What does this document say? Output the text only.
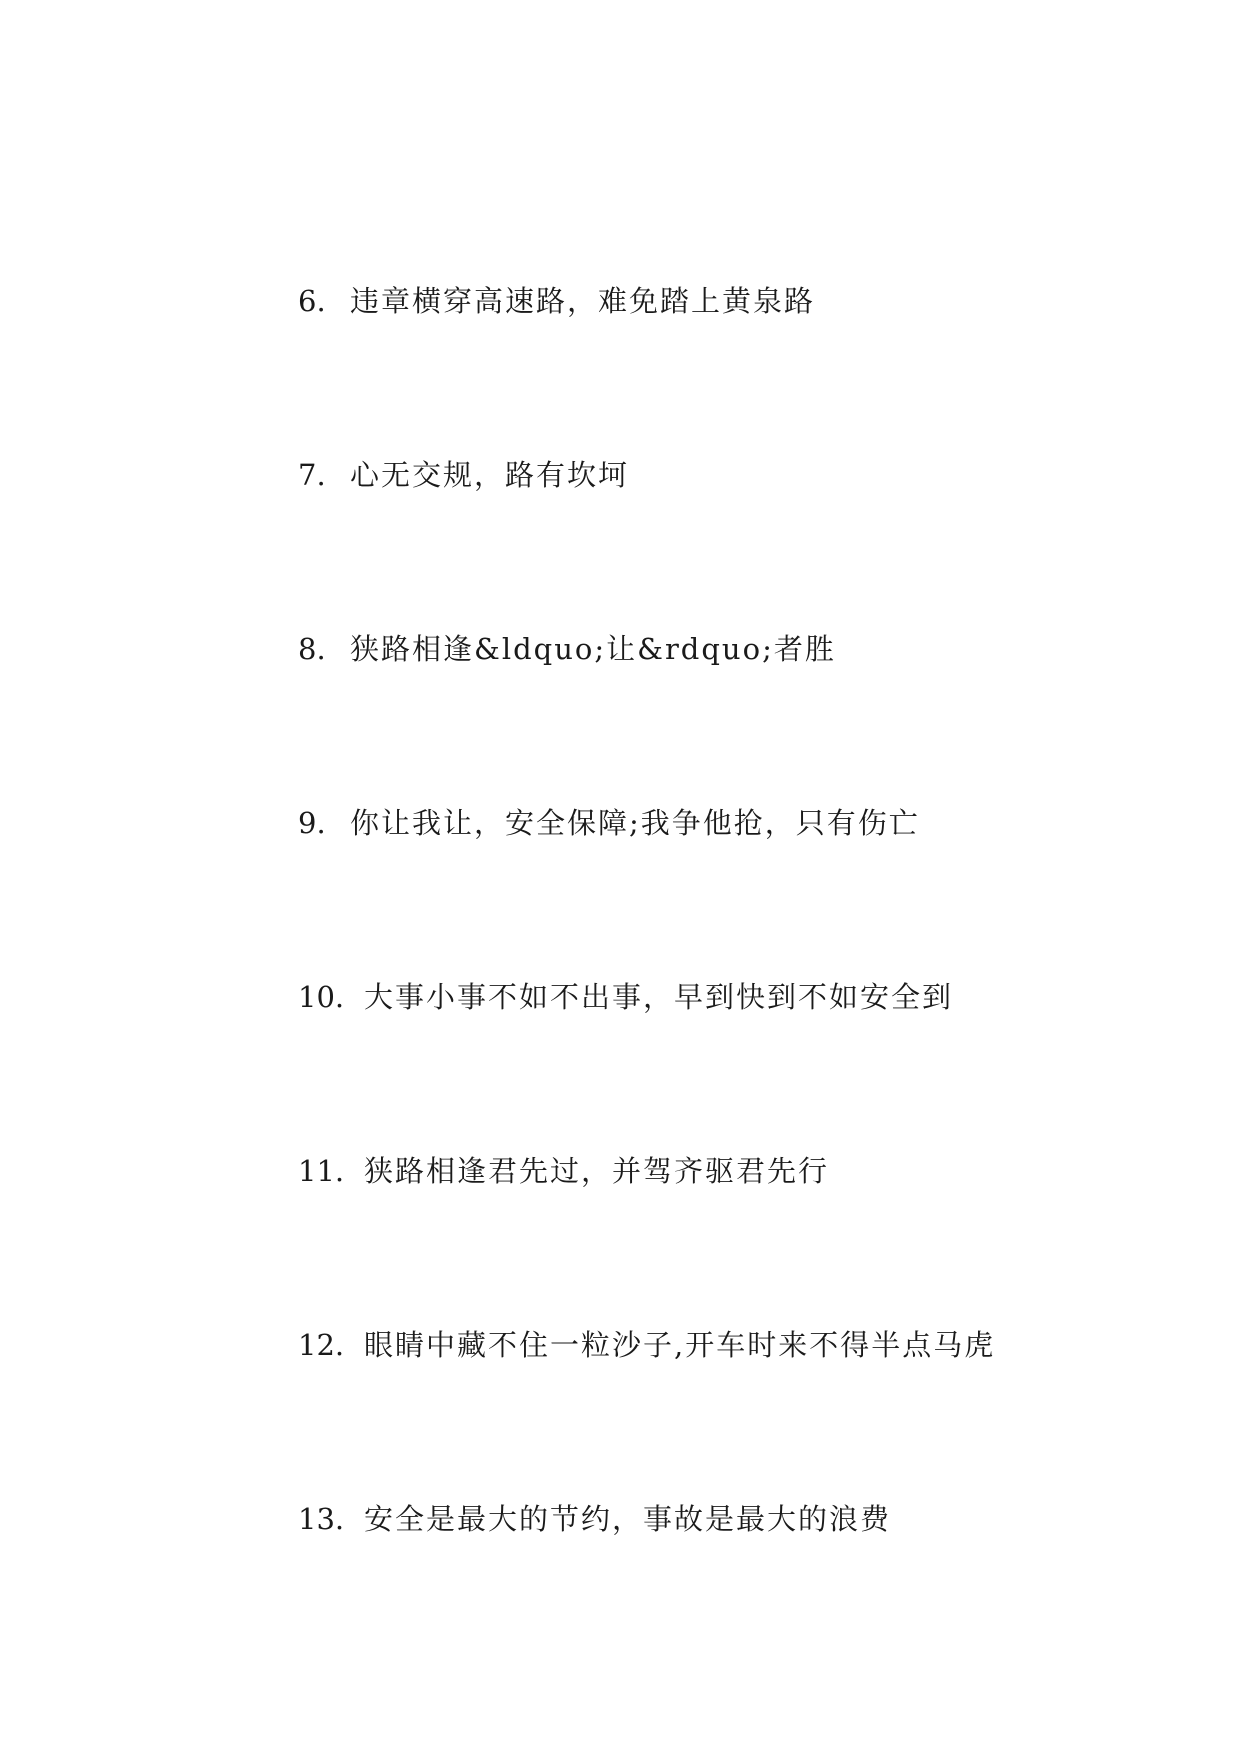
6. 违章横穿高速路，难免踏上黄泉路
7. 心无交规，路有坎坷
8. 狭路相逢&ldquo;让&rdquo;者胜
9. 你让我让，安全保障;我争他抢，只有伤亡
10. 大事小事不如不出事，早到快到不如安全到
11. 狭路相逢君先过，并驾齐驱君先行
12. 眼睛中藏不住一粒沙子,开车时来不得半点马虎
13. 安全是最大的节约，事故是最大的浪费
